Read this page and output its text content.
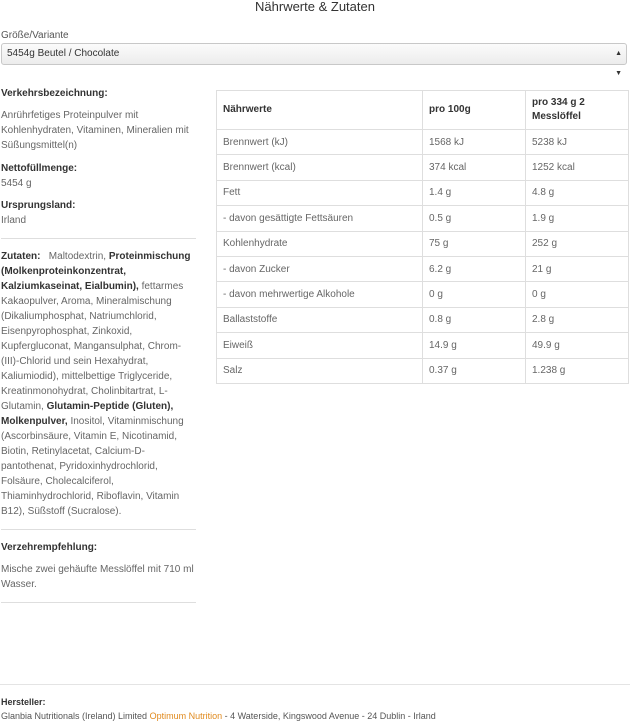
Nährwerte & Zutaten
Größe/Variante
5454g Beutel / Chocolate	▲
▼
Verkehrsbezeichnung:
Anrührfetiges Proteinpulver mit Kohlenhydraten, Vitaminen, Mineralien mit Süßungsmittel(n)
Nettofüllmenge:
5454 g
Ursprungsland:
Irland
Zutaten: Maltodextrin, Proteinmischung (Molkenproteinkonzentrat, Kalziumkaseinat, Eialbumin), fettarmes Kakaopulver, Aroma, Mineralmischung (Dikaliumphosphat, Natriumchlorid, Eisenpyrophosphat, Zinkoxid, Kupfergluconat, Mangansulphat, Chrom-(III)-Chlorid und sein Hexahydrat, Kaliumiodid), mittelbettige Triglyceride, Kreatinmonohydrat, Cholinbitartrat, L-Glutamin, Glutamin-Peptide (Gluten), Molkenpulver, Inositol, Vitaminmischung (Ascorbinsäure, Vitamin E, Nicotinamid, Biotin, Retinylacetat, Calcium-D-pantothenat, Pyridoxinhydrochlorid, Folsäure, Cholecalciferol, Thiaminhydrochlorid, Riboflavin, Vitamin B12), Süßstoff (Sucralose).
Verzehrempfehlung:
Mische zwei gehäufte Messlöffel mit 710 ml Wasser.
Nährwerte	pro 100g	pro 334 g 2 Messlöffel
Brennwert (kJ)	1568 kJ	5238 kJ
Brennwert (kcal)	374 kcal	1252 kcal
Fett	1.4 g	4.8 g
- davon gesättigte Fettsäuren	0.5 g	1.9 g
Kohlenhydrate	75 g	252 g
- davon Zucker	6.2 g	21 g
- davon mehrwertige Alkohole	0 g	0 g
Ballaststoffe	0.8 g	2.8 g
Eiweiß	14.9 g	49.9 g
Salz	0.37 g	1.238 g
Hersteller:
Glanbia Nutritionals (Ireland) Limited Optimum Nutrition - 4 Waterside, Kingswood Avenue - 24 Dublin - Irland
